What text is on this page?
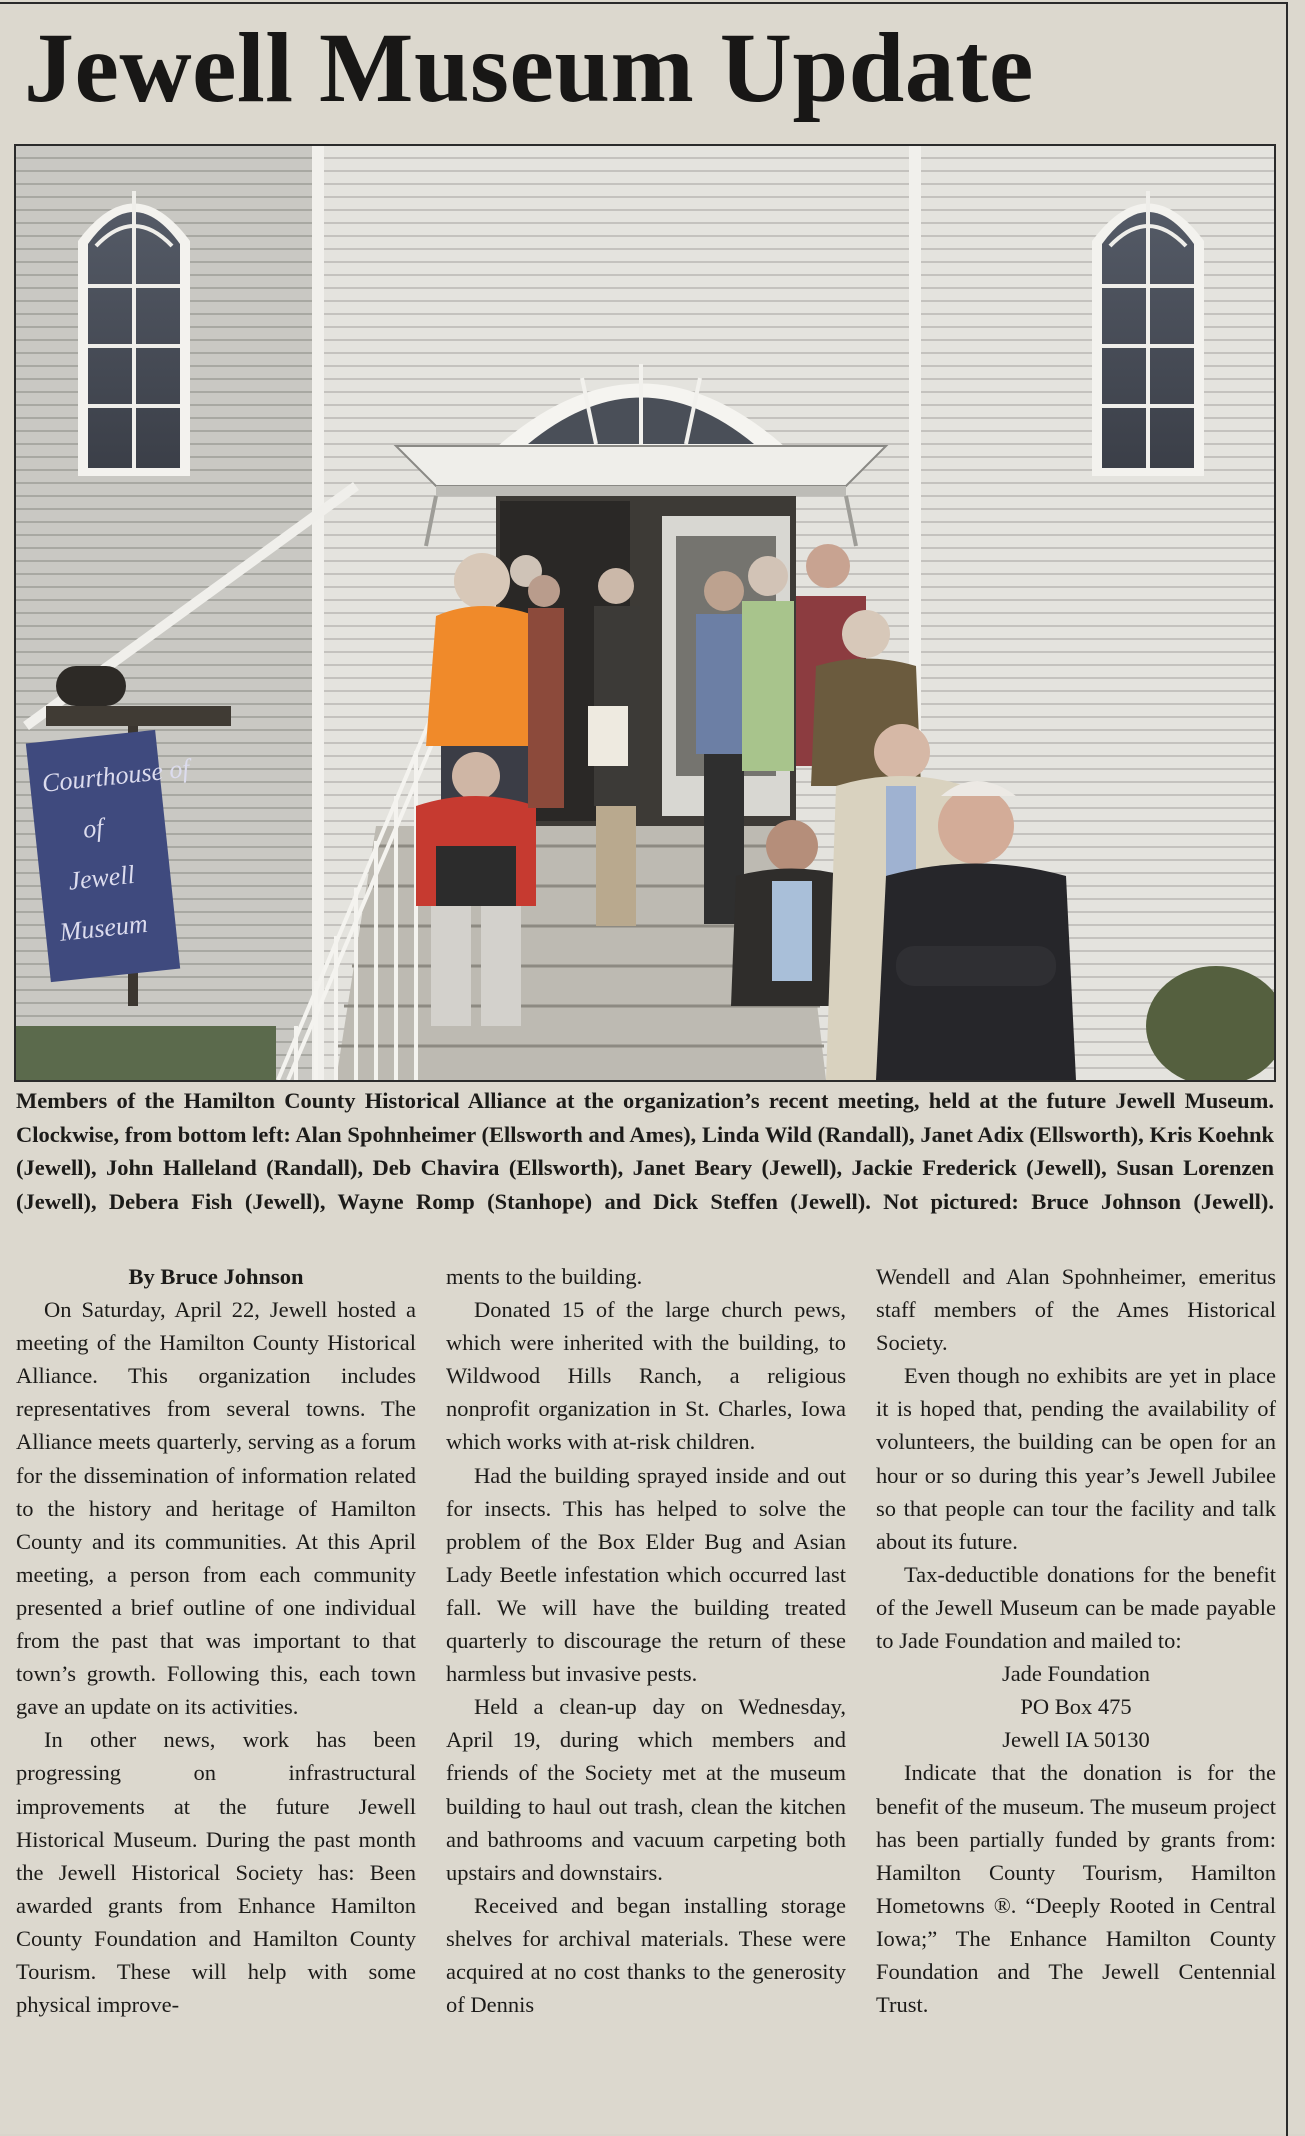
Jewell Museum Update
Courthouse of
of
Jewell
Museum

Members of the Hamilton County Historical Alliance at the organization’s recent meeting, held at the future Jewell Museum. Clockwise, from bottom left: Alan Spohnheimer (Ellsworth and Ames), Linda Wild (Randall), Janet Adix (Ellsworth), Kris Koehnk (Jewell), John Halleland (Randall), Deb Chavira (Ellsworth), Janet Beary (Jewell), Jackie Frederick (Jewell), Susan Lorenzen (Jewell), Debera Fish (Jewell), Wayne Romp (Stanhope) and Dick Steffen (Jewell). Not pictured: Bruce Johnson (Jewell).

By Bruce Johnson

On Saturday, April 22, Jewell hosted a meeting of the Hamilton County Historical Alliance. This organization includes representatives from several towns. The Alliance meets quarterly, serving as a forum for the dissemination of information related to the history and heritage of Hamilton County and its communities. At this April meeting, a person from each community presented a brief outline of one individual from the past that was important to that town’s growth. Following this, each town gave an update on its activities.

In other news, work has been progressing on infrastructural improvements at the future Jewell Historical Museum. During the past month the Jewell Historical Society has: Been awarded grants from Enhance Hamilton County Foundation and Hamilton County Tourism. These will help with some physical improve-

ments to the building.

Donated 15 of the large church pews, which were inherited with the building, to Wildwood Hills Ranch, a religious nonprofit organization in St. Charles, Iowa which works with at-risk children.

Had the building sprayed inside and out for insects. This has helped to solve the problem of the Box Elder Bug and Asian Lady Beetle infestation which occurred last fall. We will have the building treated quarterly to discourage the return of these harmless but invasive pests.

Held a clean-up day on Wednesday, April 19, during which members and friends of the Society met at the museum building to haul out trash, clean the kitchen and bathrooms and vacuum carpeting both upstairs and downstairs.

Received and began installing storage shelves for archival materials. These were acquired at no cost thanks to the generosity of Dennis

Wendell and Alan Spohnheimer, emeritus staff members of the Ames Historical Society.

Even though no exhibits are yet in place it is hoped that, pending the availability of volunteers, the building can be open for an hour or so during this year’s Jewell Jubilee so that people can tour the facility and talk about its future.

Tax-deductible donations for the benefit of the Jewell Museum can be made payable to Jade Foundation and mailed to:

Jade Foundation

PO Box 475

Jewell IA 50130

Indicate that the donation is for the benefit of the museum. The museum project has been partially funded by grants from: Hamilton County Tourism, Hamilton Hometowns ®. “Deeply Rooted in Central Iowa;” The Enhance Hamilton County Foundation and The Jewell Centennial Trust.
